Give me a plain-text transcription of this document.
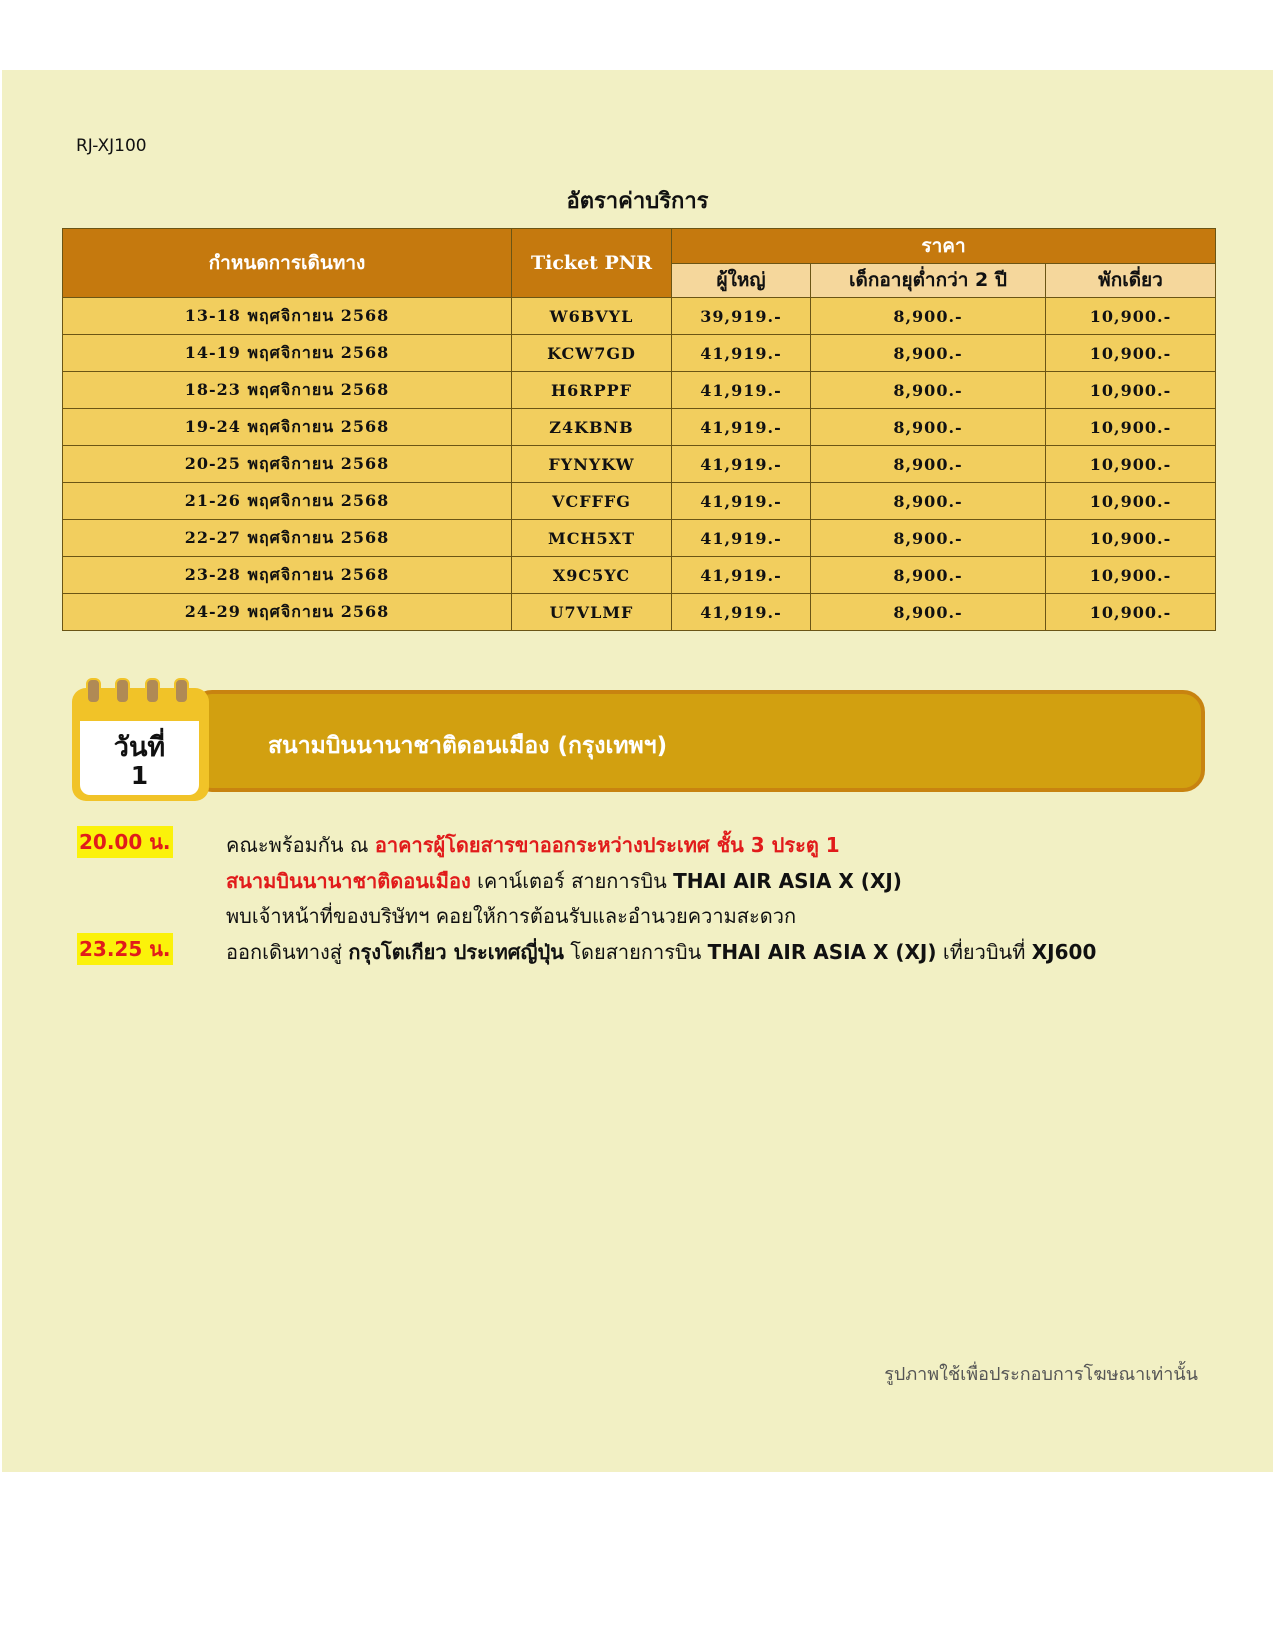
RJ-XJ100
อัตราค่าบริการ
กำหนดการเดินทาง	Ticket PNR	ราคา		
		ผู้ใหญ่	เด็กอายุต่ำกว่า 2 ปี	พักเดี่ยว
13-18 พฤศจิกายน 2568	W6BVYL	39,919.-	8,900.-	10,900.-
14-19 พฤศจิกายน 2568	KCW7GD	41,919.-	8,900.-	10,900.-
18-23 พฤศจิกายน 2568	H6RPPF	41,919.-	8,900.-	10,900.-
19-24 พฤศจิกายน 2568	Z4KBNB	41,919.-	8,900.-	10,900.-
20-25 พฤศจิกายน 2568	FYNYKW	41,919.-	8,900.-	10,900.-
21-26 พฤศจิกายน 2568	VCFFFG	41,919.-	8,900.-	10,900.-
22-27 พฤศจิกายน 2568	MCH5XT	41,919.-	8,900.-	10,900.-
23-28 พฤศจิกายน 2568	X9C5YC	41,919.-	8,900.-	10,900.-
24-29 พฤศจิกายน 2568	U7VLMF	41,919.-	8,900.-	10,900.-
สนามบินนานาชาติดอนเมือง (กรุงเทพฯ)
วันที่
1
20.00 น.	คณะพร้อมกัน ณ อาคารผู้โดยสารขาออกระหว่างประเทศ ชั้น 3 ประตู 1
สนามบินนานาชาติดอนเมือง เคาน์เตอร์ สายการบิน THAI AIR ASIA X (XJ)
พบเจ้าหน้าที่ของบริษัทฯ คอยให้การต้อนรับและอำนวยความสะดวก
23.25 น.	ออกเดินทางสู่ กรุงโตเกียว ประเทศญี่ปุ่น โดยสายการบิน THAI AIR ASIA X (XJ) เที่ยวบินที่ XJ600
รูปภาพใช้เพื่อประกอบการโฆษณาเท่านั้น
